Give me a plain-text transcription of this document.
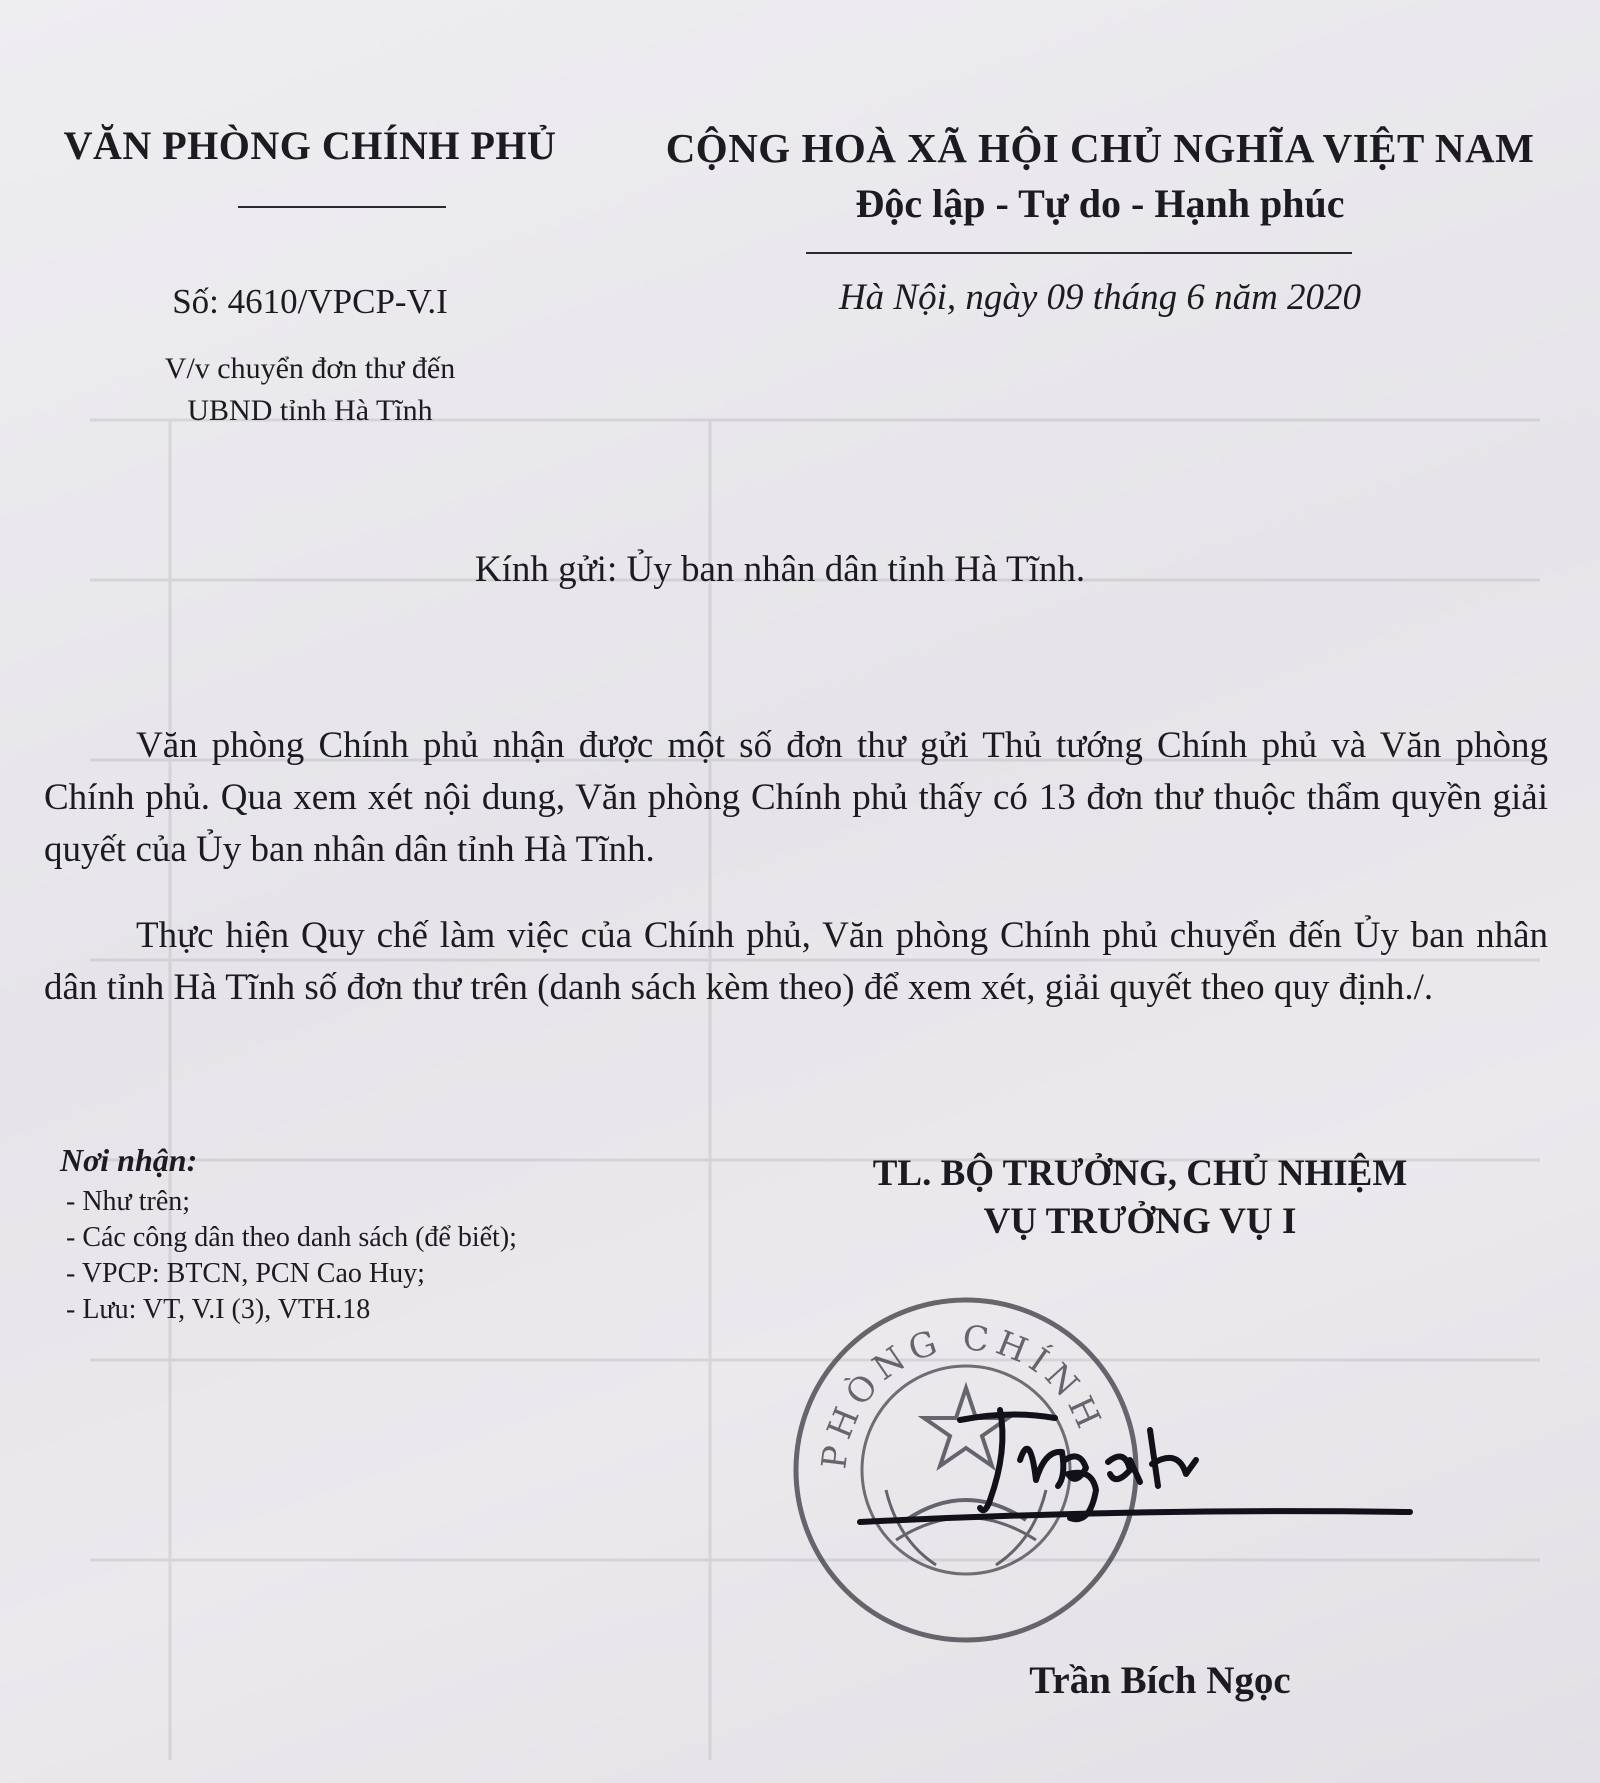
VĂN PHÒNG CHÍNH PHỦ
Số: 4610/VPCP-V.I
V/v chuyển đơn thư đến
UBND tỉnh Hà Tĩnh
CỘNG HOÀ XÃ HỘI CHỦ NGHĨA VIỆT NAM
Độc lập - Tự do - Hạnh phúc
Hà Nội, ngày 09 tháng 6 năm 2020
Kính gửi: Ủy ban nhân dân tỉnh Hà Tĩnh.
Văn phòng Chính phủ nhận được một số đơn thư gửi Thủ tướng Chính phủ và Văn phòng Chính phủ. Qua xem xét nội dung, Văn phòng Chính phủ thấy có 13 đơn thư thuộc thẩm quyền giải quyết của Ủy ban nhân dân tỉnh Hà Tĩnh.
Thực hiện Quy chế làm việc của Chính phủ, Văn phòng Chính phủ chuyển đến Ủy ban nhân dân tỉnh Hà Tĩnh số đơn thư trên (danh sách kèm theo) để xem xét, giải quyết theo quy định./.
Nơi nhận:
- Như trên;
- Các công dân theo danh sách (để biết);
- VPCP: BTCN, PCN Cao Huy;
- Lưu: VT, V.I (3), VTH.18
TL. BỘ TRƯỞNG, CHỦ NHIỆM
VỤ TRƯỞNG VỤ I
PHÒNG CHÍNH
Trần Bích Ngọc
